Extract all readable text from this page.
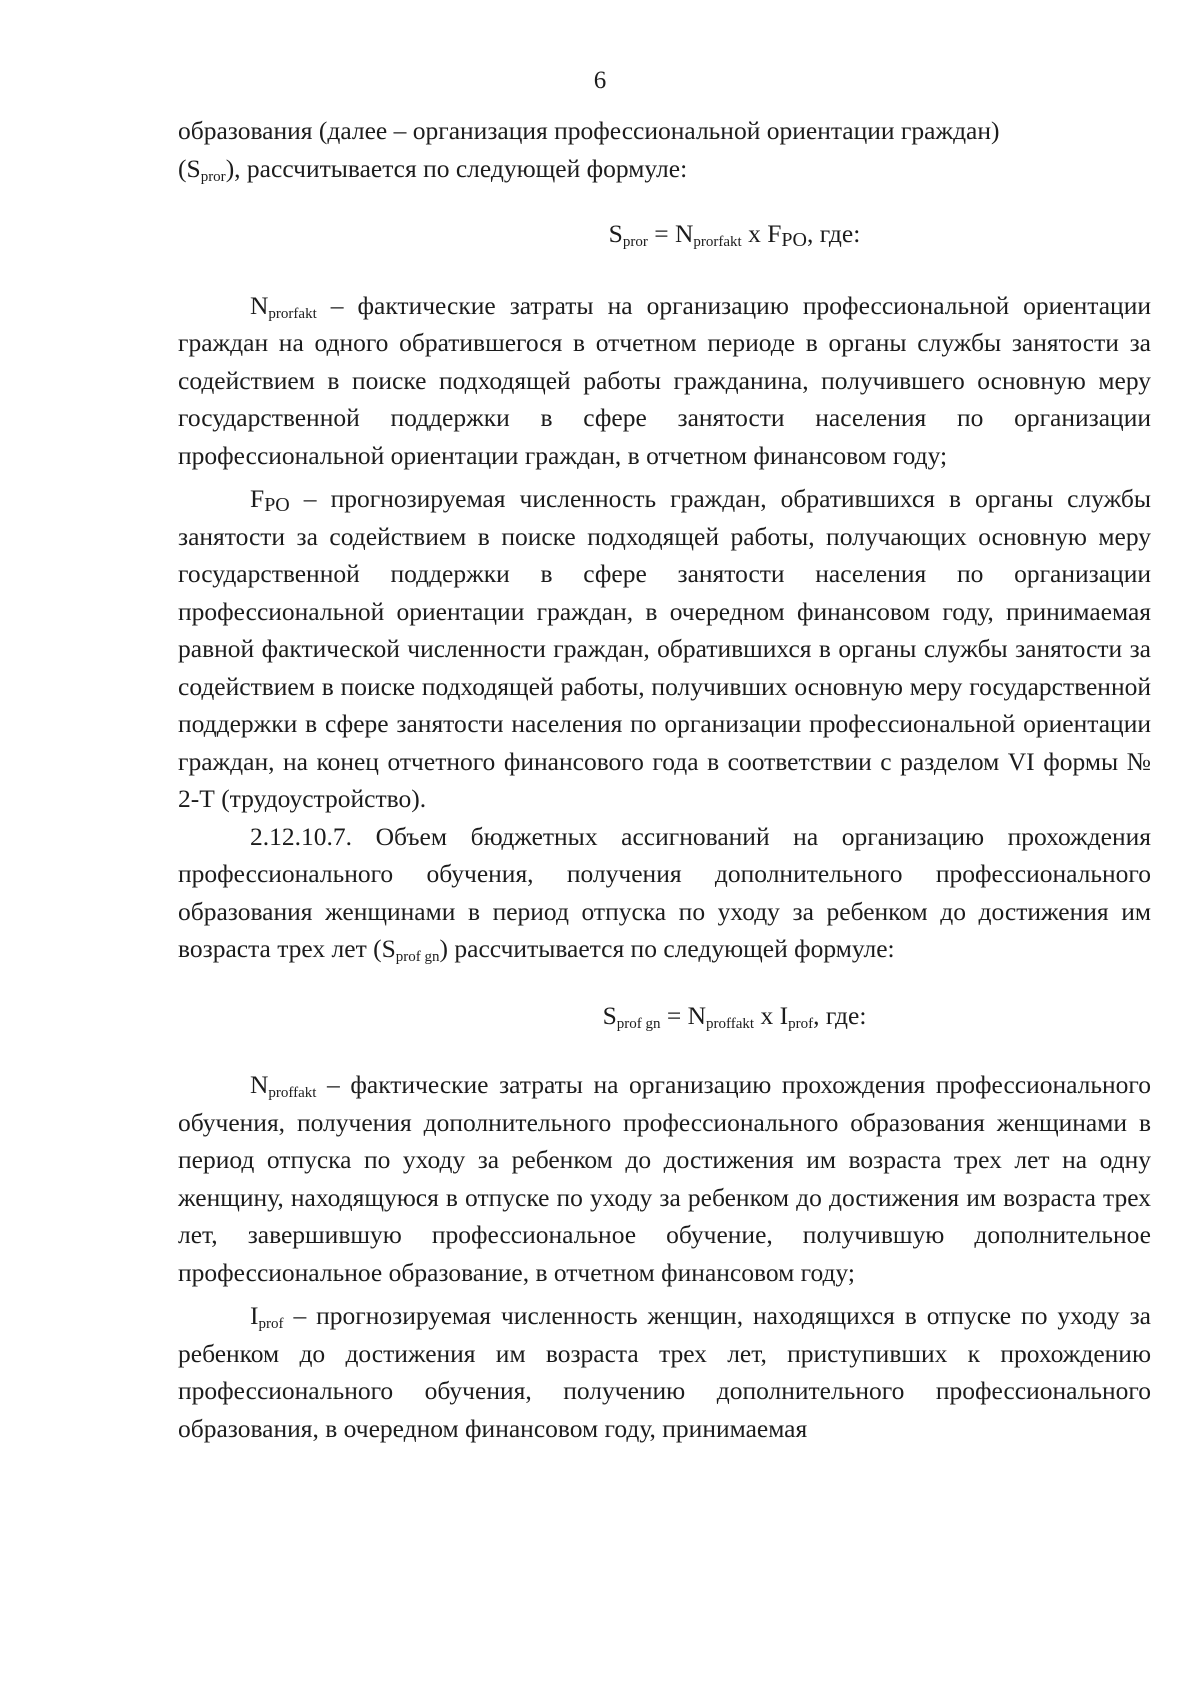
6

образования (далее – организация профессиональной ориентации граждан)
$(S_{pror})$, рассчитывается по следующей формуле:

$S_{pror} = N_{prorfakt}$ x $F_{PO}$, где:

$N_{prorfakt}$ – фактические затраты на организацию профессиональной ориентации граждан на одного обратившегося в отчетном периоде в органы службы занятости за содействием в поиске подходящей работы гражданина, получившего основную меру государственной поддержки в сфере занятости населения по организации профессиональной ориентации граждан, в отчетном финансовом году;

$F_{PO}$ – прогнозируемая численность граждан, обратившихся в органы службы занятости за содействием в поиске подходящей работы, получающих основную меру государственной поддержки в сфере занятости населения по организации профессиональной ориентации граждан, в очередном финансовом году, принимаемая равной фактической численности граждан, обратившихся в органы службы занятости за содействием в поиске подходящей работы, получивших основную меру государственной поддержки в сфере занятости населения по организации профессиональной ориентации граждан, на конец отчетного финансового года в соответствии с разделом VI формы № 2-Т (трудоустройство).

2.12.10.7. Объем бюджетных ассигнований на организацию прохождения профессионального обучения, получения дополнительного профессионального образования женщинами в период отпуска по уходу за ребенком до достижения им возраста трех лет $(S_{prof gn})$ рассчитывается по следующей формуле:

$S_{prof gn} = N_{proffakt}$ x $I_{prof}$, где:

$N_{proffakt}$ – фактические затраты на организацию прохождения профессионального обучения, получения дополнительного профессионального образования женщинами в период отпуска по уходу за ребенком до достижения им возраста трех лет на одну женщину, находящуюся в отпуске по уходу за ребенком до достижения им возраста трех лет, завершившую профессиональное обучение, получившую дополнительное профессиональное образование, в отчетном финансовом году;

$I_{prof}$ – прогнозируемая численность женщин, находящихся в отпуске по уходу за ребенком до достижения им возраста трех лет, приступивших к прохождению профессионального обучения, получению дополнительного профессионального образования, в очередном финансовом году, принимаемая
